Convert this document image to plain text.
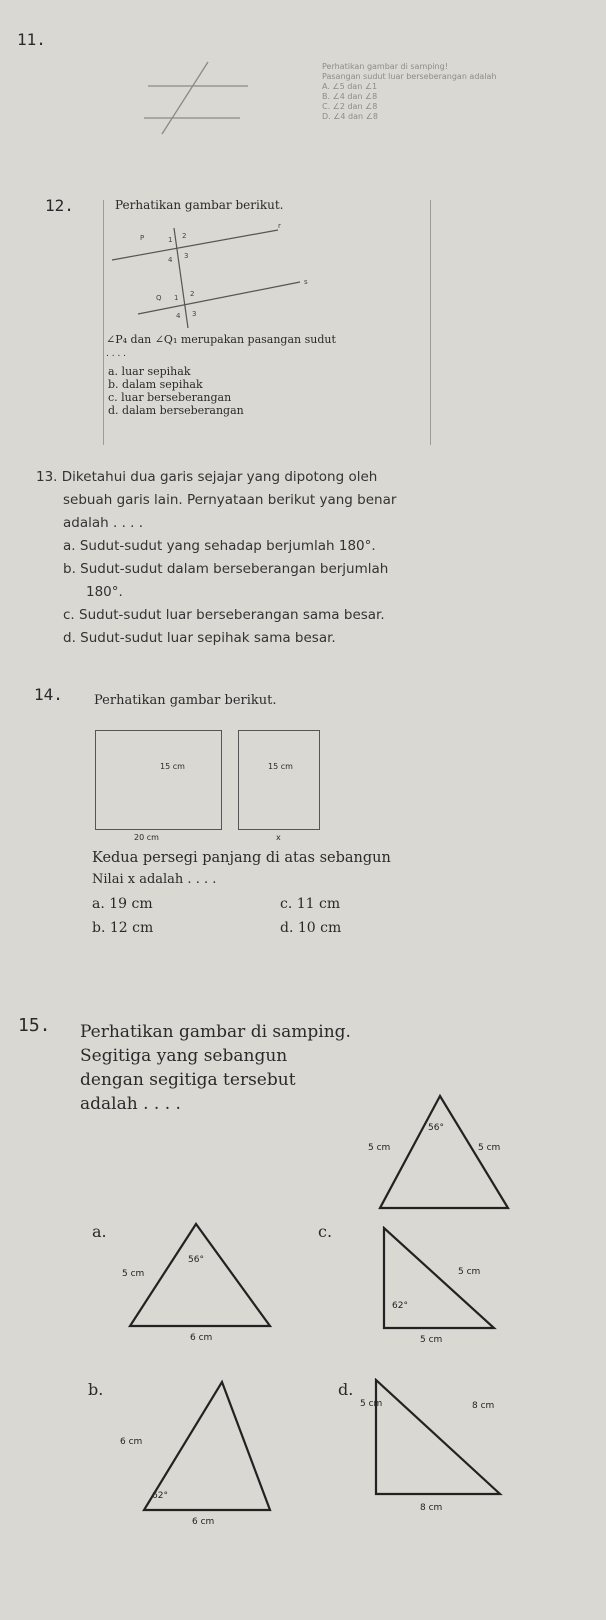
11.
Perhatikan gambar di samping!
Pasangan sudut luar berseberangan adalah
A. ∠5 dan ∠1
B. ∠4 dan ∠8
C. ∠2 dan ∠8
D. ∠4 dan ∠8
12.	Perhatikan gambar berikut.
P
r
1 2
3
4
Q
s
1 2
3
4
∠P₄ dan ∠Q₁ merupakan pasangan sudut
. . . .
a. luar sepihak
b. dalam sepihak
c. luar berseberangan
d. dalam berseberangan
13. Diketahui dua garis sejajar yang dipotong oleh
sebuah garis lain. Pernyataan berikut yang benar
adalah . . . .
a. Sudut-sudut yang sehadap berjumlah 180°.
b. Sudut-sudut dalam berseberangan berjumlah
180°.
c. Sudut-sudut luar berseberangan sama besar.
d. Sudut-sudut luar sepihak sama besar.
14. Perhatikan gambar berikut.
15 cm
20 cm
15 cm
x
Kedua persegi panjang di atas sebangun
Nilai x adalah . . . .
a. 19 cm
b. 12 cm
c. 11 cm
d. 10 cm
15. Perhatikan gambar di samping.
Segitiga yang sebangun
dengan segitiga tersebut
adalah . . . .
56°
5 cm	5 cm
a.
56°
5 cm
6 cm
c.
5 cm
62°
5 cm
b.
6 cm
62°
6 cm
d.
5 cm	8 cm
8 cm
